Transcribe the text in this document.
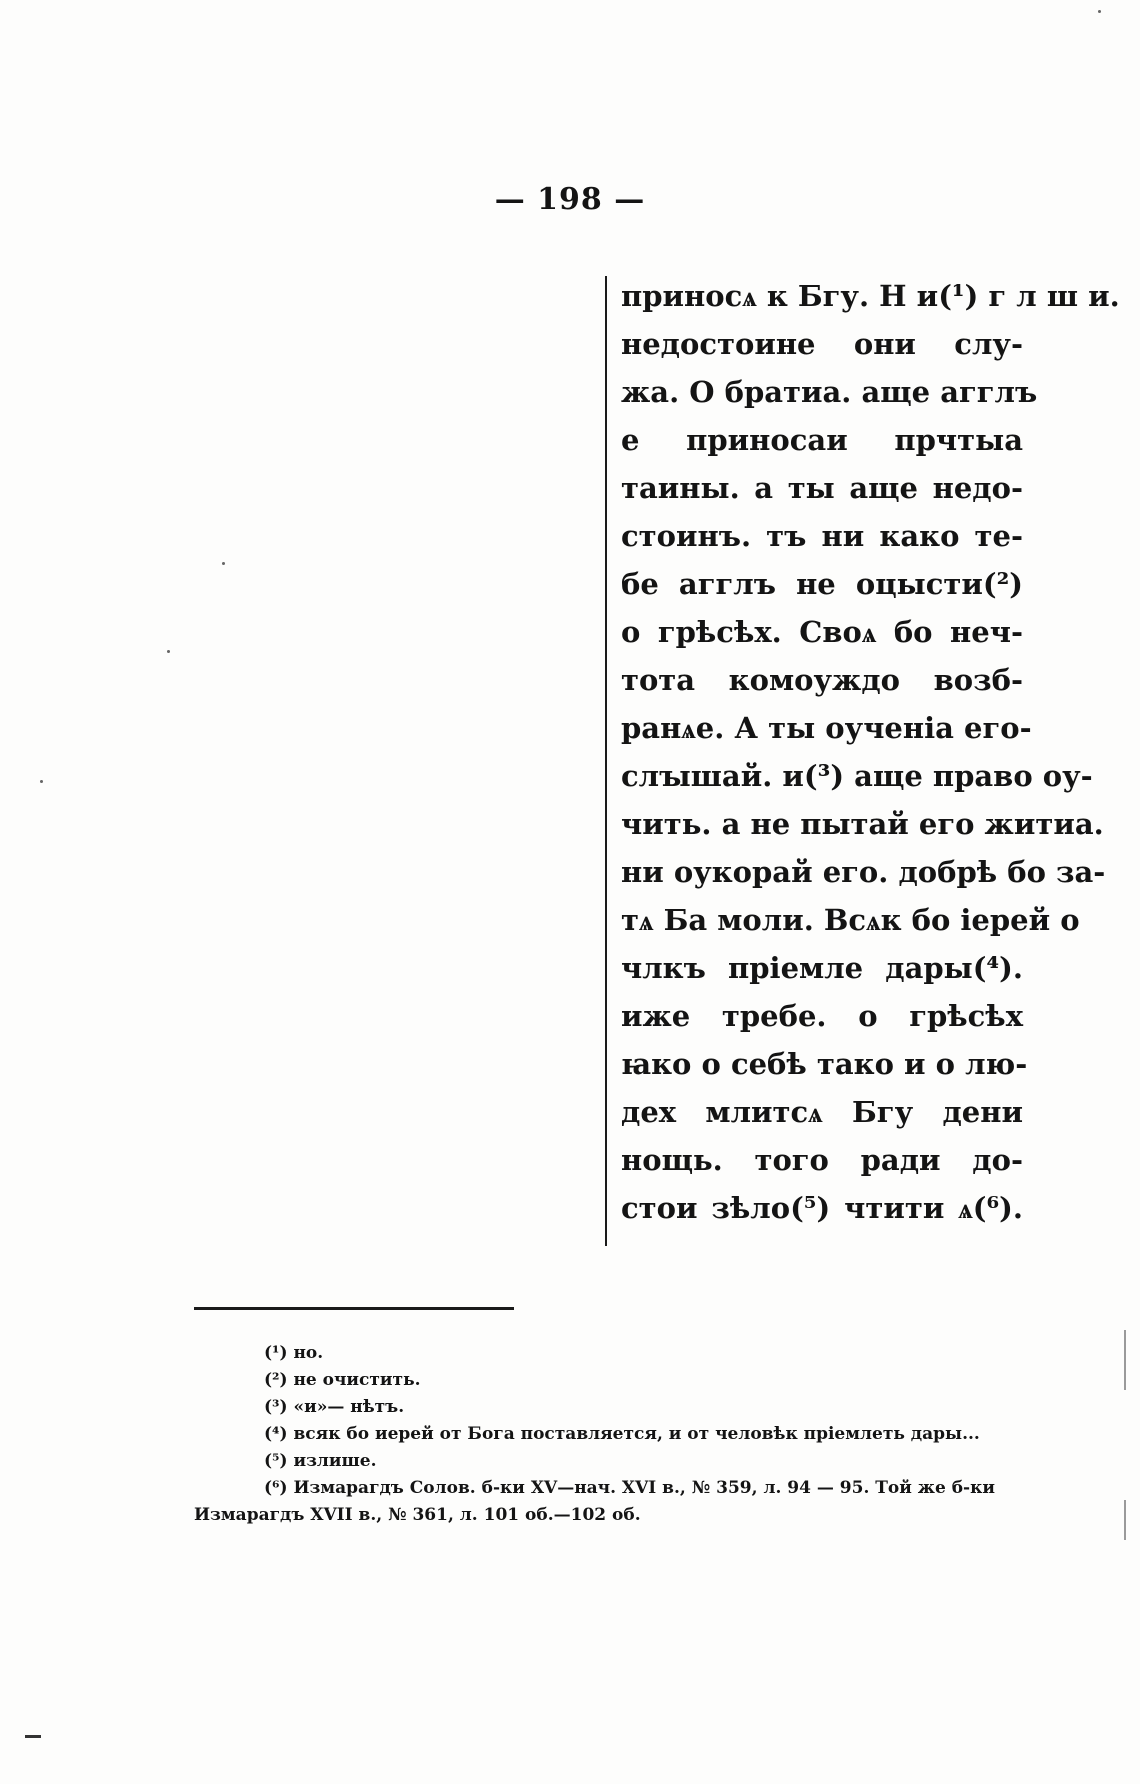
— 198 —
приносѧ к Бгу. Н и(¹) г л ш и.
недостоине они слу-
жа. О братиа. аще агглъ
е приносаи прчтыа
таины. а ты аще недо-
стоинъ. тъ ни како те-
бе агглъ не оцысти(²)
о грѣсѣх. Своѧ бо неч-
тота комоуждо возб-
ранѧе. А ты оученіа его-
слꙑшай. и(³) аще право оу-
чить. а не пытай его житиа.
ни оукорай его. добрѣ бо за-
тѧ Ба моли. Всѧк бо іерей о
члкъ пріемле дары(⁴).
иже требе. о грѣсѣх
ꙗко о себѣ тако и о лю-
дех млитсѧ Бгу дени
нощь. того ради до-
стои зѣло(⁵) чтити ѧ(⁶).

(¹) но.

(²) не очистить.

(³) «и»— нѣтъ.

(⁴) всяк бо иерей от Бога поставляется, и от человѣк пріемлеть дары...

(⁵) излише.

(⁶) Измарагдъ Солов. б-ки XV—нач. XVI в., № 359, л. 94 — 95. Той же б-ки Измарагдъ XVII в., № 361, л. 101 об.—102 об.
